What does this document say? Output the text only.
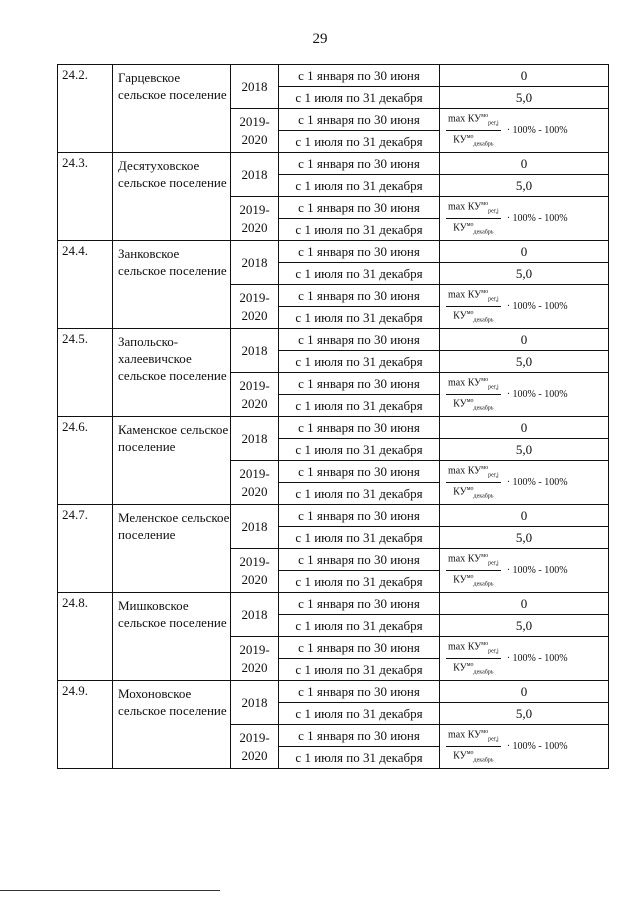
29
24.2.	Гарцевское сельское поселение	2018	с 1 января по 30 июня	0
			с 1 июля по 31 декабря	5,0
		2019-2020	с 1 января по 30 июня	$\frac{\max КУ^{мо}_{рег,j}}{КУ^{мо}_{декабрь}} \cdot 100\% - 100\%$
			с 1 июля по 31 декабря	
24.3.	Десятуховское сельское поселение	2018	с 1 января по 30 июня	0
			с 1 июля по 31 декабря	5,0
		2019-2020	с 1 января по 30 июня	$\frac{\max КУ^{мо}_{рег,j}}{КУ^{мо}_{декабрь}} \cdot 100\% - 100\%$
			с 1 июля по 31 декабря	
24.4.	Занковское сельское поселение	2018	с 1 января по 30 июня	0
			с 1 июля по 31 декабря	5,0
		2019-2020	с 1 января по 30 июня	$\frac{\max КУ^{мо}_{рег,j}}{КУ^{мо}_{декабрь}} \cdot 100\% - 100\%$
			с 1 июля по 31 декабря	
24.5.	Запольско-халеевичское сельское поселение	2018	с 1 января по 30 июня	0
			с 1 июля по 31 декабря	5,0
		2019-2020	с 1 января по 30 июня	$\frac{\max КУ^{мо}_{рег,j}}{КУ^{мо}_{декабрь}} \cdot 100\% - 100\%$
			с 1 июля по 31 декабря	
24.6.	Каменское сельское поселение	2018	с 1 января по 30 июня	0
			с 1 июля по 31 декабря	5,0
		2019-2020	с 1 января по 30 июня	$\frac{\max КУ^{мо}_{рег,j}}{КУ^{мо}_{декабрь}} \cdot 100\% - 100\%$
			с 1 июля по 31 декабря	
24.7.	Меленское сельское поселение	2018	с 1 января по 30 июня	0
			с 1 июля по 31 декабря	5,0
		2019-2020	с 1 января по 30 июня	$\frac{\max КУ^{мо}_{рег,j}}{КУ^{мо}_{декабрь}} \cdot 100\% - 100\%$
			с 1 июля по 31 декабря	
24.8.	Мишковское сельское поселение	2018	с 1 января по 30 июня	0
			с 1 июля по 31 декабря	5,0
		2019-2020	с 1 января по 30 июня	$\frac{\max КУ^{мо}_{рег,j}}{КУ^{мо}_{декабрь}} \cdot 100\% - 100\%$
			с 1 июля по 31 декабря	
24.9.	Мохоновское сельское поселение	2018	с 1 января по 30 июня	0
			с 1 июля по 31 декабря	5,0
		2019-2020	с 1 января по 30 июня	$\frac{\max КУ^{мо}_{рег,j}}{КУ^{мо}_{декабрь}} \cdot 100\% - 100\%$
			с 1 июля по 31 декабря	
